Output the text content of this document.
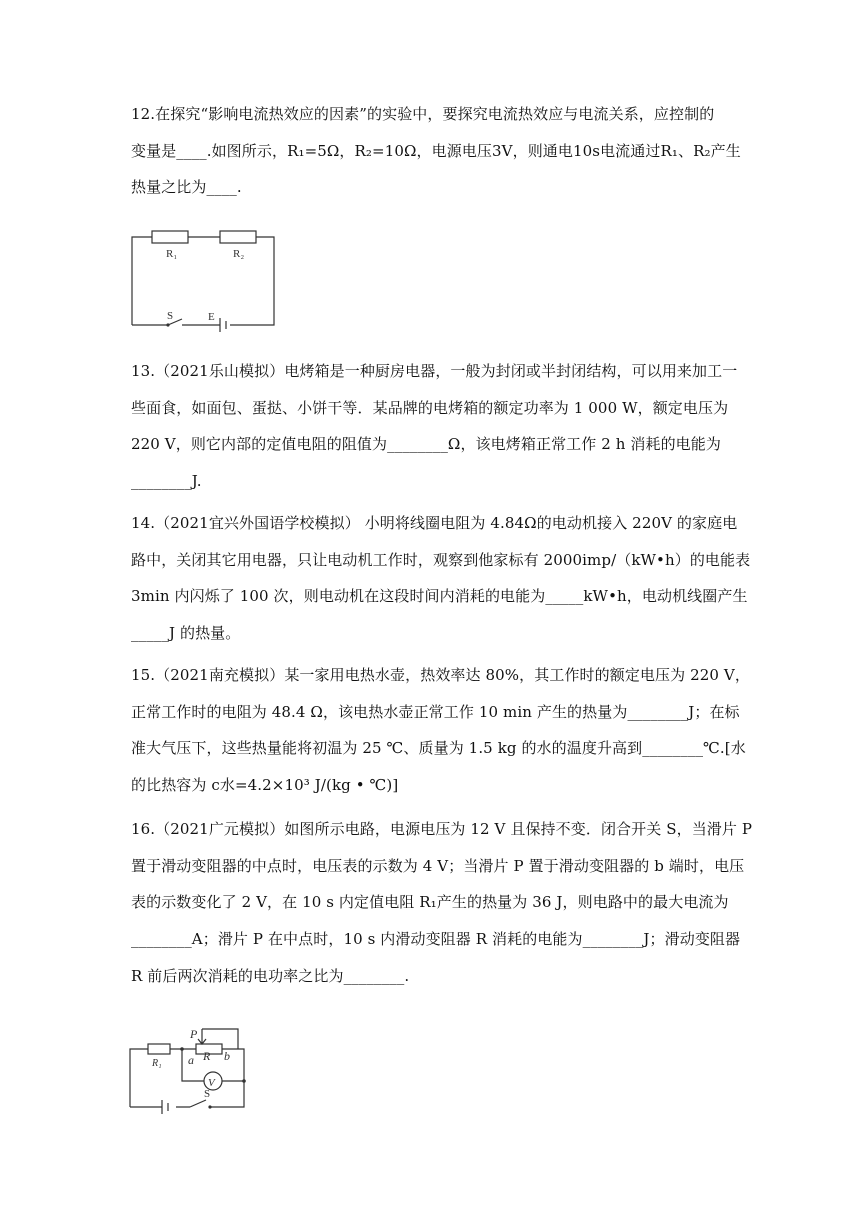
12.在探究“影响电流热效应的因素”的实验中，要探究电流热效应与电流关系，应控制的
变量是____.如图所示，R₁=5Ω，R₂=10Ω，电源电压3V，则通电10s电流通过R₁、R₂产生
热量之比为____.
R₁	R₂
S	E
13.（2021乐山模拟）电烤箱是一种厨房电器，一般为封闭或半封闭结构，可以用来加工一
些面食，如面包、蛋挞、小饼干等．某品牌的电烤箱的额定功率为 1 000 W，额定电压为
220 V，则它内部的定值电阻的阻值为________Ω，该电烤箱正常工作 2 h 消耗的电能为
________J.
14.（2021宜兴外国语学校模拟） 小明将线圈电阻为 4.84Ω的电动机接入 220V 的家庭电
路中，关闭其它用电器，只让电动机工作时，观察到他家标有 2000imp/（kW•h）的电能表
3min 内闪烁了 100 次，则电动机在这段时间内消耗的电能为_____kW•h，电动机线圈产生
_____J 的热量。
15.（2021南充模拟）某一家用电热水壶，热效率达 80%，其工作时的额定电压为 220 V，
正常工作时的电阻为 48.4 Ω，该电热水壶正常工作 10 min 产生的热量为________J；在标
准大气压下，这些热量能将初温为 25 ℃、质量为 1.5 kg 的水的温度升高到________℃.[水
的比热容为 c水=4.2×10³ J/(kg • ℃)]
16.（2021广元模拟）如图所示电路，电源电压为 12 V 且保持不变．闭合开关 S，当滑片 P
置于滑动变阻器的中点时，电压表的示数为 4 V；当滑片 P 置于滑动变阻器的 b 端时，电压
表的示数变化了 2 V，在 10 s 内定值电阻 R₁产生的热量为 36 J，则电路中的最大电流为
________A；滑片 P 在中点时，10 s 内滑动变阻器 R 消耗的电能为________J；滑动变阻器
R 前后两次消耗的电功率之比为________.
R₁
P
a R b
V
S
